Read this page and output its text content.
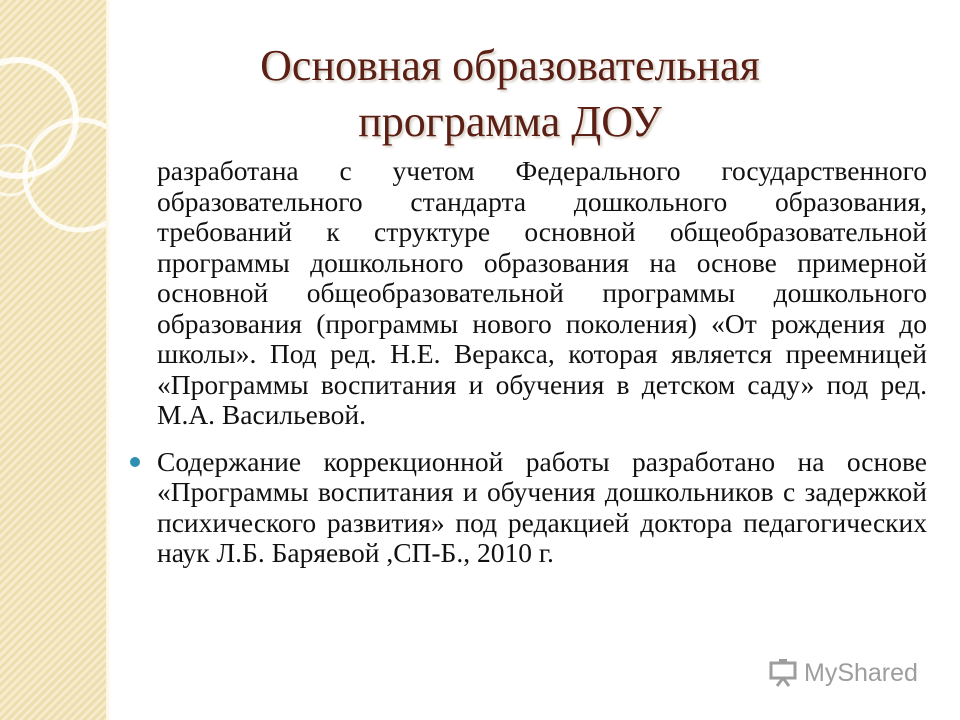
Основная образовательная
программа ДОУ

разработана с учетом Федерального государственного образовательного стандарта дошкольного образования, требований к структуре основной общеобразовательной программы дошкольного образования на основе примерной основной общеобразовательной программы дошкольного образования (программы нового поколения) «От рождения до школы». Под ред. Н.Е. Веракса, которая является преемницей «Программы воспитания и обучения в детском саду» под ред. М.А. Васильевой.

Содержание коррекционной работы разработано на основе «Программы воспитания и обучения дошкольников с задержкой психического развития» под редакцией доктора педагогических наук Л.Б. Баряевой ,СП-Б., 2010 г.

MyShared
